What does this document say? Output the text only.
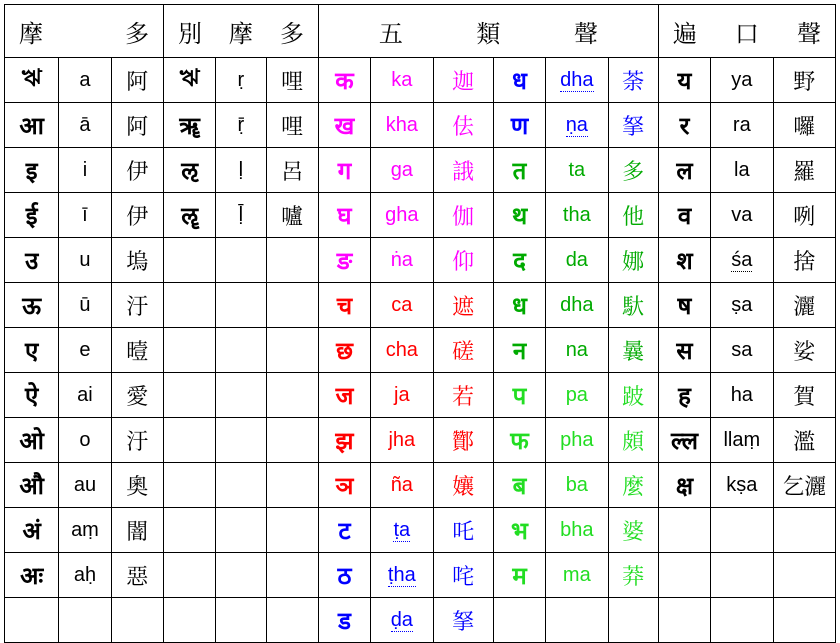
摩 多			別 摩 多			五 類 聲						遍 口 聲		

ঋ	a	阿	ঋ	ṛ	哩	क	ka	迦	ध	dha	荼	य	ya	野
आ	ā	阿	ॠ	ṝ	哩	ख	kha	佉	ण	ṇa	拏	र	ra	囉
इ	i	伊	ऌ	ḷ	呂	ग	ga	誐	त	ta	多	ल	la	羅
ई	ī	伊	ॡ	ḹ	嚧	घ	gha	伽	थ	tha	他	व	va	咧
उ	u	塢				ङ	ṅa	仰	द	da	娜	श	śa	捨
ऊ	ū	汙				च	ca	遮	ध	dha	馱	ष	ṣa	灑
ए	e	曀				छ	cha	磋	न	na	曩	स	sa	娑
ऐ	ai	愛				ज	ja	若	प	pa	跛	ह	ha	賀
ओ	o	汙				झ	jha	酇	फ	pha	頗	ल्ल	llaṃ	濫
औ	au	奧				ञ	ña	孃	ब	ba	麼	क्ष	kṣa	乞灑
अं	aṃ	闇				ट	ṭa	吒	भ	bha	婆			
अः	aḥ	惡				ठ	ṭha	咤	म	ma	莽			
						ड	ḍa	拏						
